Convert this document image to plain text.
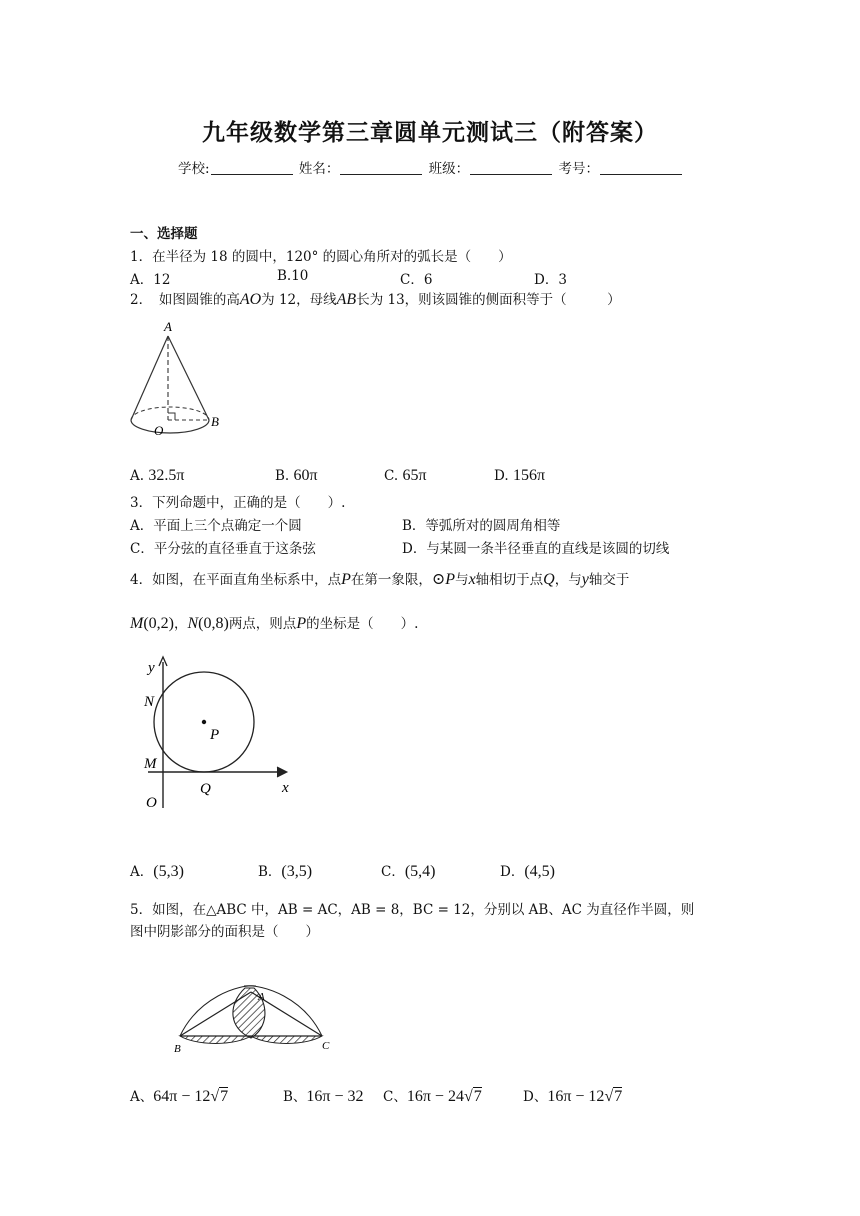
九年级数学第三章圆单元测试三（附答案）
学校:	姓名：	班级：	考号：
一、选择题
1．在半径为 18 的圆中，120° 的圆心角所对的弧长是（　　）
A．12	B.10	C．6	D．3
2．　如图圆锥的高AO为 12，母线AB长为 13，则该圆锥的侧面积等于（　　　）
A
O
B
A. 32.5π	B. 60π	C. 65π	D. 156π
3．下列命题中，正确的是（　　）.
A．平面上三个点确定一个圆	B．等弧所对的圆周角相等
C．平分弦的直径垂直于这条弦	D．与某圆一条半径垂直的直线是该圆的切线
4．如图，在平面直角坐标系中，点P在第一象限，⊙P与x轴相切于点Q，与y轴交于
M(0,2)，N(0,8)两点，则点P的坐标是（　　）.
y
N
P
M
Q	x
O
A．(5,3)	B．(3,5)	C．(5,4)	D．(4,5)
5．如图，在△ABC 中，AB = AC，AB = 8，BC = 12，分别以 AB、AC 为直径作半圆，则
图中阴影部分的面积是（　　）
A
B	C
A、64π − 12√7	B、16π − 32 C、16π − 24√7	D、16π − 12√7
